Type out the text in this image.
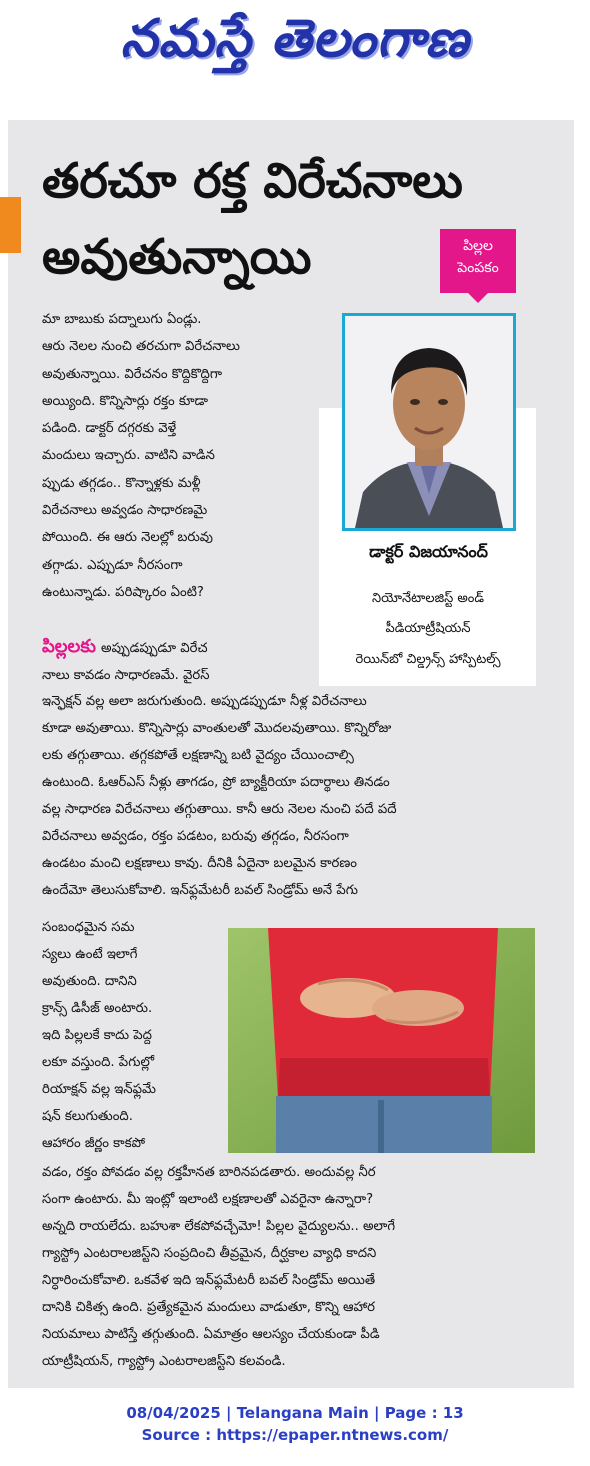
నమస్తే తెలంగాణ
తరచూ రక్త విరేచనాలు
అవుతున్నాయి	పిల్లల
పెంపకం
డాక్టర్ విజయానంద్
నియోనేటాలజిస్ట్ అండ్
పీడియాట్రీషియన్
రెయిన్‌బో చిల్డ్రన్స్ హాస్పిటల్స్
మా బాబుకు పద్నాలుగు ఏండ్లు.
ఆరు నెలల నుంచి తరచుగా విరేచనాలు
అవుతున్నాయి. విరేచనం కొద్దికొద్దిగా
అయ్యింది. కొన్నిసార్లు రక్తం కూడా
పడింది. డాక్టర్ దగ్గరకు వెళ్తే
మందులు ఇచ్చారు. వాటిని వాడిన
ప్పుడు తగ్గడం.. కొన్నాళ్లకు మళ్లీ
విరేచనాలు అవ్వడం సాధారణమై
పోయింది. ఈ ఆరు నెలల్లో బరువు
తగ్గాడు. ఎప్పుడూ నీరసంగా
ఉంటున్నాడు. పరిష్కారం ఏంటి?
పిల్లలకు అప్పుడప్పుడూ విరేచ
నాలు కావడం సాధారణమే. వైరస్
ఇన్ఫెక్షన్ వల్ల అలా జరుగుతుంది. అప్పుడప్పుడూ నీళ్ల విరేచనాలు
కూడా అవుతాయి. కొన్నిసార్లు వాంతులతో మొదలవుతాయి. కొన్నిరోజు
లకు తగ్గుతాయి. తగ్గకపోతే లక్షణాన్ని బటి వైద్యం చేయించాల్సి
ఉంటుంది. ఓఆర్ఎస్ నీళ్లు తాగడం, ప్రో బ్యాక్టీరియా పదార్థాలు తినడం
వల్ల సాధారణ విరేచనాలు తగ్గుతాయి. కానీ ఆరు నెలల నుంచి పదే పదే
విరేచనాలు అవ్వడం, రక్తం పడటం, బరువు తగ్గడం, నీరసంగా
ఉండటం మంచి లక్షణాలు కావు. దీనికి ఏదైనా బలమైన కారణం
ఉందేమో తెలుసుకోవాలి. ఇన్‌ఫ్లమేటరీ బవల్ సిండ్రోమ్ అనే పేగు
సంబంధమైన సమ
స్యలు ఉంటే ఇలాగే
అవుతుంది. దానిని
క్రాన్స్ డిసీజ్ అంటారు.
ఇది పిల్లలకే కాదు పెద్ద
లకూ వస్తుంది. పేగుల్లో
రియాక్షన్ వల్ల ఇన్‌ఫ్లమే
షన్ కలుగుతుంది.
ఆహారం జీర్ణం కాకపో
వడం, రక్తం పోవడం వల్ల రక్తహీనత బారినపడతారు. అందువల్ల నీర
సంగా ఉంటారు. మీ ఇంట్లో ఇలాంటి లక్షణాలతో ఎవరైనా ఉన్నారా?
అన్నది రాయలేదు. బహుశా లేకపోవచ్చేమో! పిల్లల వైద్యులను.. అలాగే
గ్యాస్ట్రో ఎంటరాలజిస్ట్‌ని సంప్రదించి తీవ్రమైన, దీర్ఘకాల వ్యాధి కాదని
నిర్ధారించుకోవాలి. ఒకవేళ ఇది ఇన్‌ఫ్లమేటరీ బవల్ సిండ్రోమ్ అయితే
దానికి చికిత్స ఉంది. ప్రత్యేకమైన మందులు వాడుతూ, కొన్ని ఆహార
నియమాలు పాటిస్తే తగ్గుతుంది. ఏమాత్రం ఆలస్యం చేయకుండా పీడి
యాట్రీషియన్, గ్యాస్ట్రో ఎంటరాలజిస్ట్‌ని కలవండి.
08/04/2025 | Telangana Main | Page : 13
Source : https://epaper.ntnews.com/
